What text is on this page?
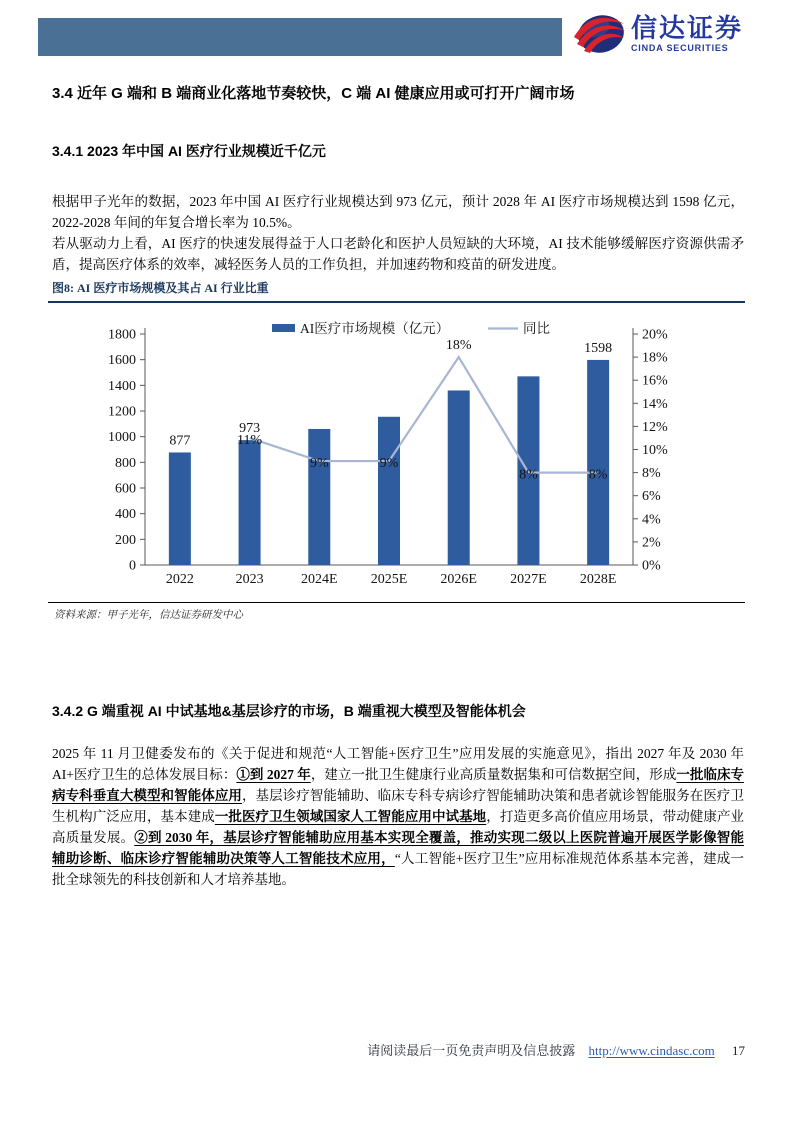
信达证券
CINDA SECURITIES
3.4 近年 G 端和 B 端商业化落地节奏较快，C 端 AI 健康应用或可打开广阔市场
3.4.1 2023 年中国 AI 医疗行业规模近千亿元

根据甲子光年的数据，2023 年中国 AI 医疗行业规模达到 973 亿元，预计 2028 年 AI 医疗市场规模达到 1598 亿元，2022-2028 年间的年复合增长率为 10.5%。

若从驱动力上看，AI 医疗的快速发展得益于人口老龄化和医护人员短缺的大环境，AI 技术能够缓解医疗资源供需矛盾，提高医疗体系的效率，减轻医务人员的工作负担，并加速药物和疫苗的研发进度。

图8: AI 医疗市场规模及其占 AI 行业比重
0
200
400
600
800
1000
1200
1400
1600
1800
0%
2%
4%
6%
8%
10%
12%
14%
16%
18%
20%
2022	2023	2024E 2025E 2026E 2027E 2028E
877
973
1598
11%
9%	9%
18%
8%	8%
AI医疗市场规模（亿元）	同比
资料来源：甲子光年，信达证券研发中心
3.4.2 G 端重视 AI 中试基地&基层诊疗的市场，B 端重视大模型及智能体机会

2025 年 11 月卫健委发布的《关于促进和规范“人工智能+医疗卫生”应用发展的实施意见》，指出 2027 年及 2030 年 AI+医疗卫生的总体发展目标：①到 2027 年，建立一批卫生健康行业高质量数据集和可信数据空间，形成一批临床专病专科垂直大模型和智能体应用，基层诊疗智能辅助、临床专科专病诊疗智能辅助决策和患者就诊智能服务在医疗卫生机构广泛应用，基本建成一批医疗卫生领域国家人工智能应用中试基地，打造更多高价值应用场景，带动健康产业高质量发展。②到 2030 年，基层诊疗智能辅助应用基本实现全覆盖，推动实现二级以上医院普遍开展医学影像智能辅助诊断、临床诊疗智能辅助决策等人工智能技术应用，“人工智能+医疗卫生”应用标准规范体系基本完善，建成一批全球领先的科技创新和人才培养基地。

请阅读最后一页免责声明及信息披露 http://www.cindasc.com 17
